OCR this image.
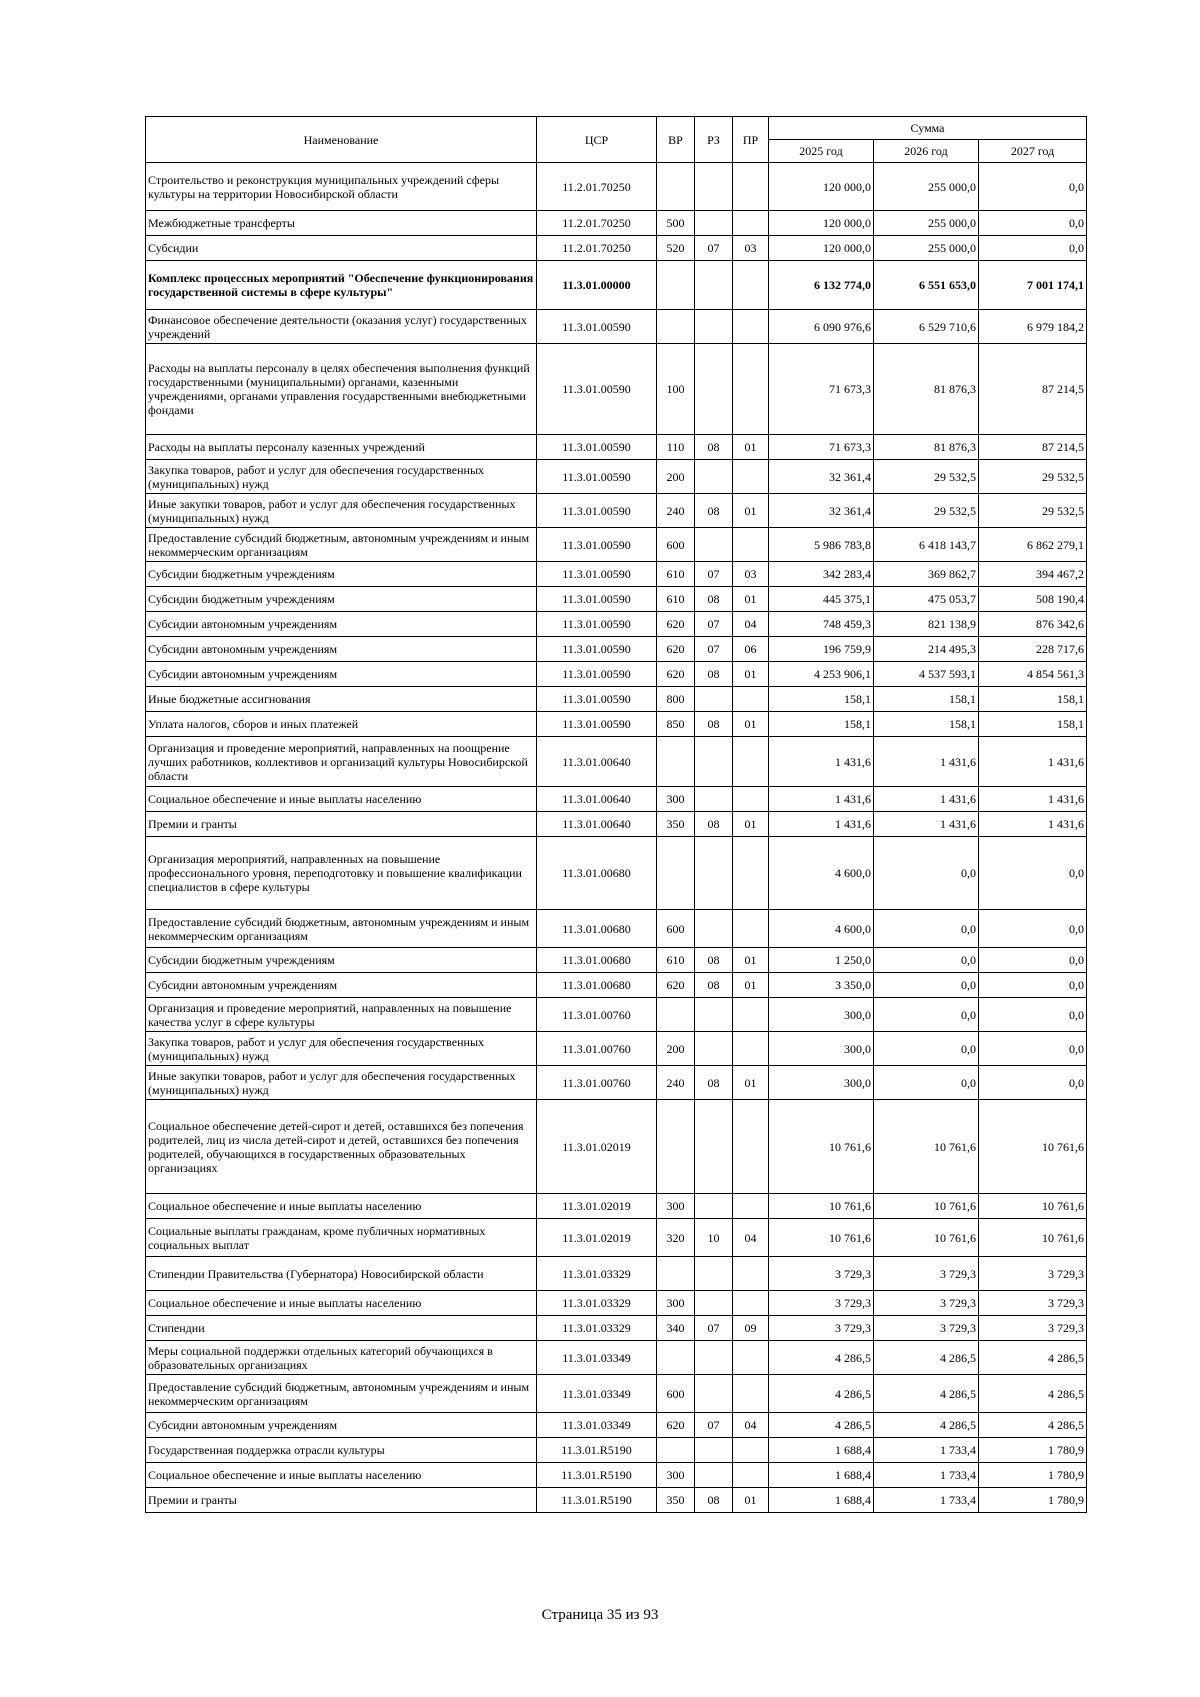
Наименование	ЦСР	ВР	РЗ	ПР	Сумма		
					2025 год	2026 год	2027 год
Строительство и реконструкция муниципальных учреждений сферы культуры на территории Новосибирской области	11.2.01.70250				120 000,0	255 000,0	0,0
Межбюджетные трансферты	11.2.01.70250	500			120 000,0	255 000,0	0,0
Субсидии	11.2.01.70250	520	07	03	120 000,0	255 000,0	0,0
Комплекс процессных мероприятий "Обеспечение функционирования государственной системы в сфере культуры"	11.3.01.00000				6 132 774,0	6 551 653,0	7 001 174,1
Финансовое обеспечение деятельности (оказания услуг) государственных учреждений	11.3.01.00590				6 090 976,6	6 529 710,6	6 979 184,2
Расходы на выплаты персоналу в целях обеспечения выполнения функций государственными (муниципальными) органами, казенными учреждениями, органами управления государственными внебюджетными фондами	11.3.01.00590	100			71 673,3	81 876,3	87 214,5
Расходы на выплаты персоналу казенных учреждений	11.3.01.00590	110	08	01	71 673,3	81 876,3	87 214,5
Закупка товаров, работ и услуг для обеспечения государственных (муниципальных) нужд	11.3.01.00590	200			32 361,4	29 532,5	29 532,5
Иные закупки товаров, работ и услуг для обеспечения государственных (муниципальных) нужд	11.3.01.00590	240	08	01	32 361,4	29 532,5	29 532,5
Предоставление субсидий бюджетным, автономным учреждениям и иным некоммерческим организациям	11.3.01.00590	600			5 986 783,8	6 418 143,7	6 862 279,1
Субсидии бюджетным учреждениям	11.3.01.00590	610	07	03	342 283,4	369 862,7	394 467,2
Субсидии бюджетным учреждениям	11.3.01.00590	610	08	01	445 375,1	475 053,7	508 190,4
Субсидии автономным учреждениям	11.3.01.00590	620	07	04	748 459,3	821 138,9	876 342,6
Субсидии автономным учреждениям	11.3.01.00590	620	07	06	196 759,9	214 495,3	228 717,6
Субсидии автономным учреждениям	11.3.01.00590	620	08	01	4 253 906,1	4 537 593,1	4 854 561,3
Иные бюджетные ассигнования	11.3.01.00590	800			158,1	158,1	158,1
Уплата налогов, сборов и иных платежей	11.3.01.00590	850	08	01	158,1	158,1	158,1
Организация и проведение мероприятий, направленных на поощрение лучших работников, коллективов и организаций культуры Новосибирской области	11.3.01.00640				1 431,6	1 431,6	1 431,6
Социальное обеспечение и иные выплаты населению	11.3.01.00640	300			1 431,6	1 431,6	1 431,6
Премии и гранты	11.3.01.00640	350	08	01	1 431,6	1 431,6	1 431,6
Организация мероприятий, направленных на повышение профессионального уровня, переподготовку и повышение квалификации специалистов в сфере культуры	11.3.01.00680				4 600,0	0,0	0,0
Предоставление субсидий бюджетным, автономным учреждениям и иным некоммерческим организациям	11.3.01.00680	600			4 600,0	0,0	0,0
Субсидии бюджетным учреждениям	11.3.01.00680	610	08	01	1 250,0	0,0	0,0
Субсидии автономным учреждениям	11.3.01.00680	620	08	01	3 350,0	0,0	0,0
Организация и проведение мероприятий, направленных на повышение качества услуг в сфере культуры	11.3.01.00760				300,0	0,0	0,0
Закупка товаров, работ и услуг для обеспечения государственных (муниципальных) нужд	11.3.01.00760	200			300,0	0,0	0,0
Иные закупки товаров, работ и услуг для обеспечения государственных (муниципальных) нужд	11.3.01.00760	240	08	01	300,0	0,0	0,0
Социальное обеспечение детей-сирот и детей, оставшихся без попечения родителей, лиц из числа детей-сирот и детей, оставшихся без попечения родителей, обучающихся в государственных образовательных организациях	11.3.01.02019				10 761,6	10 761,6	10 761,6
Социальное обеспечение и иные выплаты населению	11.3.01.02019	300			10 761,6	10 761,6	10 761,6
Социальные выплаты гражданам, кроме публичных нормативных социальных выплат	11.3.01.02019	320	10	04	10 761,6	10 761,6	10 761,6
Стипендии Правительства (Губернатора) Новосибирской области	11.3.01.03329				3 729,3	3 729,3	3 729,3
Социальное обеспечение и иные выплаты населению	11.3.01.03329	300			3 729,3	3 729,3	3 729,3
Стипендии	11.3.01.03329	340	07	09	3 729,3	3 729,3	3 729,3
Меры социальной поддержки отдельных категорий обучающихся в образовательных организациях	11.3.01.03349				4 286,5	4 286,5	4 286,5
Предоставление субсидий бюджетным, автономным учреждениям и иным некоммерческим организациям	11.3.01.03349	600			4 286,5	4 286,5	4 286,5
Субсидии автономным учреждениям	11.3.01.03349	620	07	04	4 286,5	4 286,5	4 286,5
Государственная поддержка отрасли культуры	11.3.01.R5190				1 688,4	1 733,4	1 780,9
Социальное обеспечение и иные выплаты населению	11.3.01.R5190	300			1 688,4	1 733,4	1 780,9
Премии и гранты	11.3.01.R5190	350	08	01	1 688,4	1 733,4	1 780,9
Страница 35 из 93
